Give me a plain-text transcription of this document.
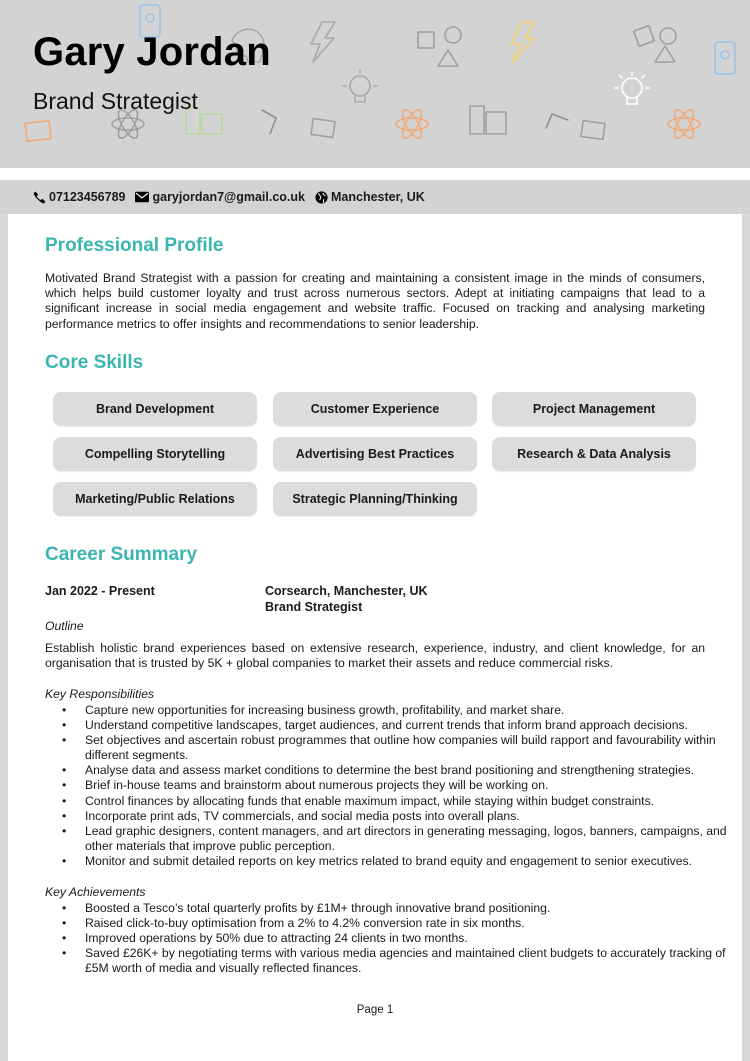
Gary Jordan
Brand Strategist
07123456789 garyjordan7@gmail.co.uk Manchester, UK
Professional Profile

Motivated Brand Strategist with a passion for creating and maintaining a consistent image in the minds of consumers, which helps build customer loyalty and trust across numerous sectors. Adept at initiating campaigns that lead to a significant increase in social media engagement and website traffic. Focused on tracking and analysing marketing performance metrics to offer insights and recommendations to senior leadership.

Core Skills
Brand Development	Customer Experience	Project Management
Compelling Storytelling	Advertising Best Practices	Research & Data Analysis
Marketing/Public Relations	Strategic Planning/Thinking
Career Summary
Jan 2022 - Present	Corsearch, Manchester, UK
Brand Strategist
Outline

Establish holistic brand experiences based on extensive research, experience, industry, and client knowledge, for an organisation that is trusted by 5K + global companies to market their assets and reduce commercial risks.

Key Responsibilities
• Capture new opportunities for increasing business growth, profitability, and market share.
• Understand competitive landscapes, target audiences, and current trends that inform brand approach decisions.
• Set objectives and ascertain robust programmes that outline how companies will build rapport and favourability within different segments.
• Analyse data and assess market conditions to determine the best brand positioning and strengthening strategies.
• Brief in-house teams and brainstorm about numerous projects they will be working on.
• Control finances by allocating funds that enable maximum impact, while staying within budget constraints.
• Incorporate print ads, TV commercials, and social media posts into overall plans.
• Lead graphic designers, content managers, and art directors in generating messaging, logos, banners, campaigns, and other materials that improve public perception.
• Monitor and submit detailed reports on key metrics related to brand equity and engagement to senior executives.
Key Achievements
• Boosted a Tesco’s total quarterly profits by £1M+ through innovative brand positioning.
• Raised click-to-buy optimisation from a 2% to 4.2% conversion rate in six months.
• Improved operations by 50% due to attracting 24 clients in two months.
• Saved £26K+ by negotiating terms with various media agencies and maintained client budgets to accurately tracking of £5M worth of media and visually reflected finances.
Page 1
